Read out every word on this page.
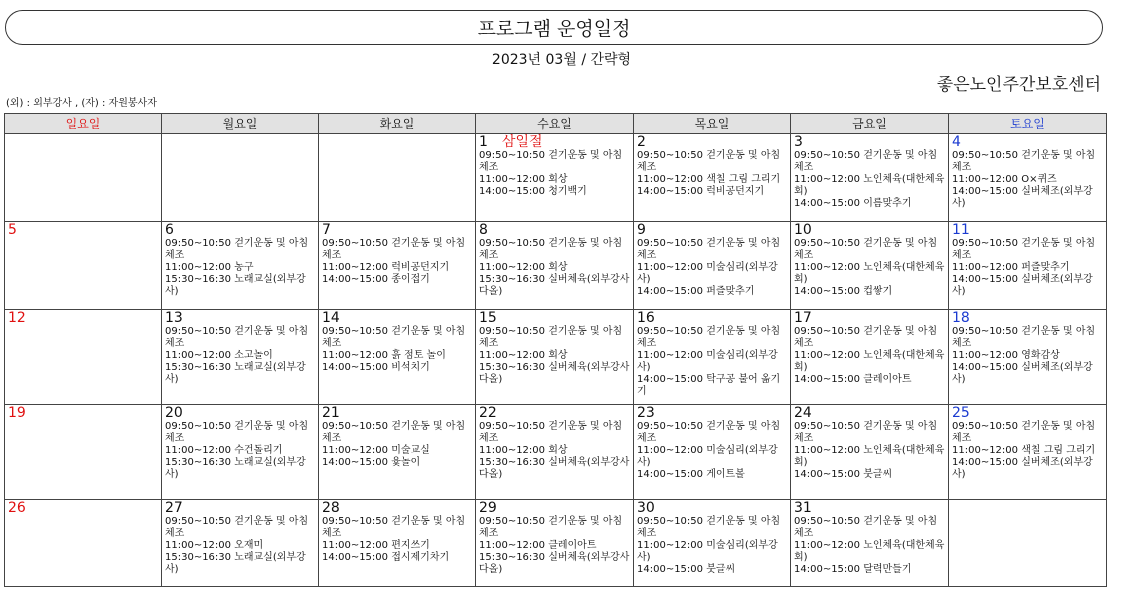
프로그램 운영일정
2023년 03월 / 간략형
좋은노인주간보호센터
(외) : 외부강사 , (자) : 자원봉사자
일요일	월요일	화요일	수요일	목요일	금요일	토요일

			1 삼일절
09:50~10:50 걷기운동 및 아침체조
11:00~12:00 회상
14:00~15:00 청기백기	2
09:50~10:50 걷기운동 및 아침체조
11:00~12:00 색칠 그림 그리기
14:00~15:00 럭비공던지기	3
09:50~10:50 걷기운동 및 아침체조
11:00~12:00 노인체육(대한체육회)
14:00~15:00 이름맞추기	4
09:50~10:50 걷기운동 및 아침체조
11:00~12:00 O×퀴즈
14:00~15:00 실버체조(외부강사)

5	6
09:50~10:50 걷기운동 및 아침체조
11:00~12:00 농구
15:30~16:30 노래교실(외부강사)	7
09:50~10:50 걷기운동 및 아침체조
11:00~12:00 럭비공던지기
14:00~15:00 종이접기	8
09:50~10:50 걷기운동 및 아침체조
11:00~12:00 회상
15:30~16:30 실버체육(외부강사 다올)	9
09:50~10:50 걷기운동 및 아침체조
11:00~12:00 미술심리(외부강사)
14:00~15:00 퍼즐맞추기	10
09:50~10:50 걷기운동 및 아침체조
11:00~12:00 노인체육(대한체육회)
14:00~15:00 컵쌓기	11
09:50~10:50 걷기운동 및 아침체조
11:00~12:00 퍼즐맞추기
14:00~15:00 실버체조(외부강사)

12	13
09:50~10:50 걷기운동 및 아침체조
11:00~12:00 소고놀이
15:30~16:30 노래교실(외부강사)	14
09:50~10:50 걷기운동 및 아침체조
11:00~12:00 흙 점토 놀이
14:00~15:00 비석치기	15
09:50~10:50 걷기운동 및 아침체조
11:00~12:00 회상
15:30~16:30 실버체육(외부강사 다올)	16
09:50~10:50 걷기운동 및 아침체조
11:00~12:00 미술심리(외부강사)
14:00~15:00 탁구공 불어 옮기기	17
09:50~10:50 걷기운동 및 아침체조
11:00~12:00 노인체육(대한체육회)
14:00~15:00 클레이아트	18
09:50~10:50 걷기운동 및 아침체조
11:00~12:00 영화감상
14:00~15:00 실버체조(외부강사)

19	20
09:50~10:50 걷기운동 및 아침체조
11:00~12:00 수건돌리기
15:30~16:30 노래교실(외부강사)	21
09:50~10:50 걷기운동 및 아침체조
11:00~12:00 미술교실
14:00~15:00 윷놀이	22
09:50~10:50 걷기운동 및 아침체조
11:00~12:00 회상
15:30~16:30 실버체육(외부강사 다올)	23
09:50~10:50 걷기운동 및 아침체조
11:00~12:00 미술심리(외부강사)
14:00~15:00 게이트볼	24
09:50~10:50 걷기운동 및 아침체조
11:00~12:00 노인체육(대한체육회)
14:00~15:00 붓글씨	25
09:50~10:50 걷기운동 및 아침체조
11:00~12:00 색칠 그림 그리기
14:00~15:00 실버체조(외부강사)

26	27
09:50~10:50 걷기운동 및 아침체조
11:00~12:00 오재미
15:30~16:30 노래교실(외부강사)	28
09:50~10:50 걷기운동 및 아침체조
11:00~12:00 편지쓰기
14:00~15:00 접시제기차기	29
09:50~10:50 걷기운동 및 아침체조
11:00~12:00 클레이아트
15:30~16:30 실버체육(외부강사 다올)	30
09:50~10:50 걷기운동 및 아침체조
11:00~12:00 미술심리(외부강사)
14:00~15:00 붓글씨	31
09:50~10:50 걷기운동 및 아침체조
11:00~12:00 노인체육(대한체육회)
14:00~15:00 달력만들기	
